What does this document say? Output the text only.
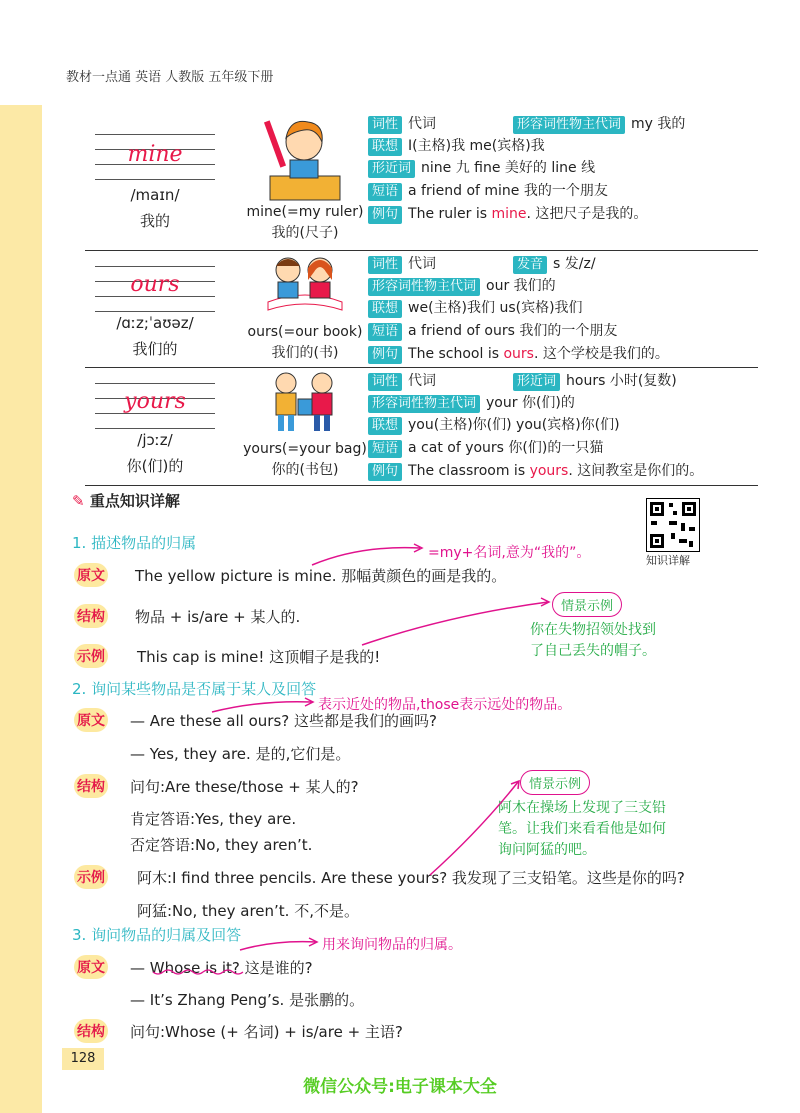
教材一点通 英语 人教版 五年级下册
mine
/maɪn/
我的	mine(=my ruler)
我的(尺子)
词性 代词	形容词性物主代词 my 我的
联想 I(主格)我 me(宾格)我
形近词 nine 九 fine 美好的 line 线
短语 a friend of mine 我的一个朋友
例句 The ruler is mine. 这把尺子是我的。
ours
/ɑːz;ˈaʊəz/
我们的
ours(=our book)
我们的(书)
词性 代词	发音 s 发/z/
形容词性物主代词 our 我们的
联想 we(主格)我们 us(宾格)我们
短语 a friend of ours 我们的一个朋友
例句 The school is ours. 这个学校是我们的。
yours
/jɔːz/
你(们)的
yours(=your bag)
你的(书包)
词性 代词	形近词 hours 小时(复数)
形容词性物主代词 your 你(们)的
联想 you(主格)你(们) you(宾格)你(们)
短语 a cat of yours 你(们)的一只猫
例句 The classroom is yours. 这间教室是你们的。
✎ 重点知识详解
知识详解
1. 描述物品的归属
原文 The yellow picture is mine. 那幅黄颜色的画是我的。
结构 物品 + is/are + 某人的.
示例 This cap is mine! 这顶帽子是我的!
=my+名词,意为“我的”。
情景示例
你在失物招领处找到
了自己丢失的帽子。
2. 询问某些物品是否属于某人及回答
原文 — Are these all ours? 这些都是我们的画吗?
— Yes, they are. 是的,它们是。
结构 问句:Are these/those + 某人的?
肯定答语:Yes, they are.
否定答语:No, they aren’t.
示例 阿木:I find three pencils. Are these yours? 我发现了三支铅笔。这些是你的吗?
阿猛:No, they aren’t. 不,不是。
表示近处的物品,those表示远处的物品。
情景示例
阿木在操场上发现了三支铅
笔。让我们来看看他是如何
询问阿猛的吧。
3. 询问物品的归属及回答
原文 — Whose is it? 这是谁的?
— It’s Zhang Peng’s. 是张鹏的。
结构 问句:Whose (+ 名词) + is/are + 主语?
用来询问物品的归属。
128
微信公众号:电子课本大全
